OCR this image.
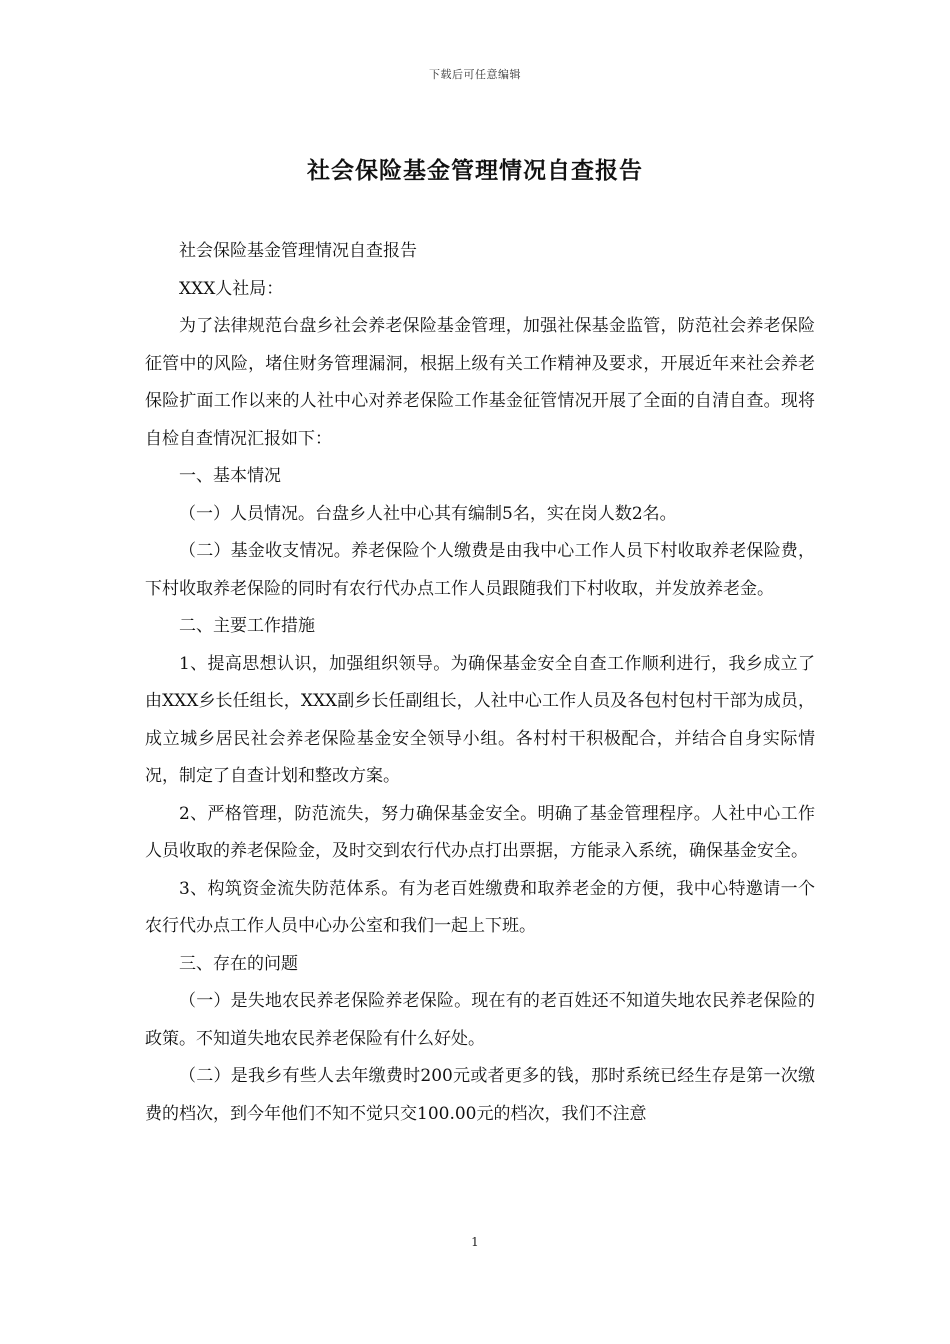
下载后可任意编辑
社会保险基金管理情况自查报告

社会保险基金管理情况自查报告

XXX人社局：

为了法律规范台盘乡社会养老保险基金管理，加强社保基金监管，防范社会养老保险征管中的风险，堵住财务管理漏洞，根据上级有关工作精神及要求，开展近年来社会养老保险扩面工作以来的人社中心对养老保险工作基金征管情况开展了全面的自清自查。现将自检自查情况汇报如下：

一、基本情况

（一）人员情况。台盘乡人社中心其有编制5名，实在岗人数2名。

（二）基金收支情况。养老保险个人缴费是由我中心工作人员下村收取养老保险费，下村收取养老保险的同时有农行代办点工作人员跟随我们下村收取，并发放养老金。

二、主要工作措施

1、提高思想认识，加强组织领导。为确保基金安全自查工作顺利进行，我乡成立了由XXX乡长任组长，XXX副乡长任副组长，人社中心工作人员及各包村包村干部为成员，成立城乡居民社会养老保险基金安全领导小组。各村村干积极配合，并结合自身实际情况，制定了自查计划和整改方案。

2、严格管理，防范流失，努力确保基金安全。明确了基金管理程序。人社中心工作人员收取的养老保险金，及时交到农行代办点打出票据，方能录入系统，确保基金安全。

3、构筑资金流失防范体系。有为老百姓缴费和取养老金的方便，我中心特邀请一个农行代办点工作人员中心办公室和我们一起上下班。

三、存在的问题

（一）是失地农民养老保险养老保险。现在有的老百姓还不知道失地农民养老保险的政策。不知道失地农民养老保险有什么好处。

（二）是我乡有些人去年缴费时200元或者更多的钱，那时系统已经生存是第一次缴费的档次，到今年他们不知不觉只交100.00元的档次，我们不注意

1
